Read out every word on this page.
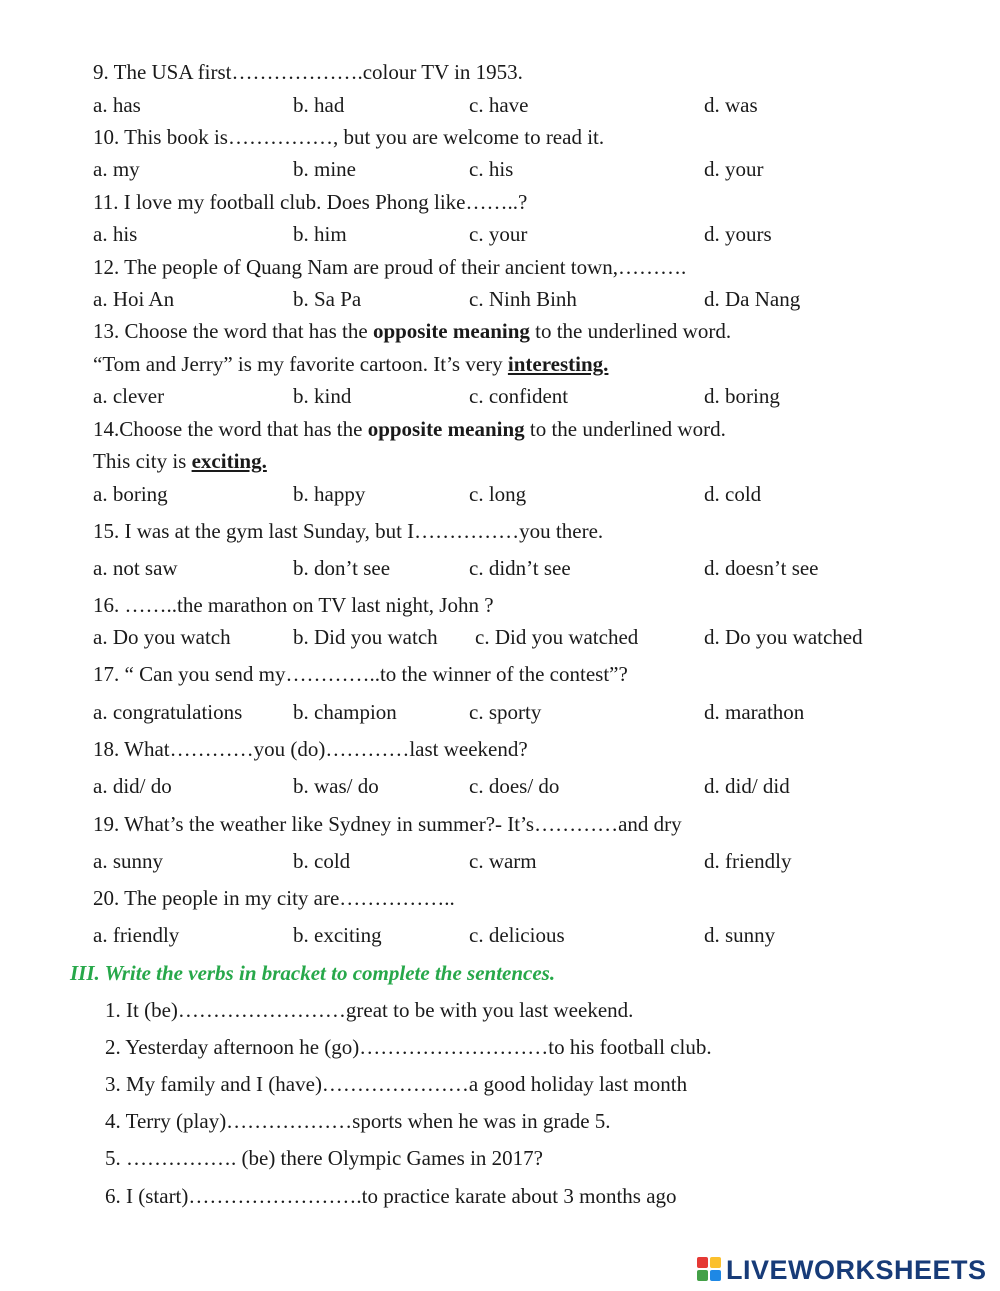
9. The USA first……………….colour TV in 1953.
a. has	b. had	c. have	d. was
10. This book is……………, but you are welcome to read it.
a. my	b. mine	c. his	d. your
11. I love my football club. Does Phong like……..?
a. his	b. him	c. your	d. yours
12. The people of Quang Nam are proud of their ancient town,……….
a. Hoi An	b. Sa Pa	c. Ninh Binh	d. Da Nang
13. Choose the word that has the opposite meaning to the underlined word.
“Tom and Jerry” is my favorite cartoon. It’s very interesting.
a. clever	b. kind	c. confident	d. boring
14.Choose the word that has the opposite meaning to the underlined word.
This city is exciting.
a. boring	b. happy	c. long	d. cold
15. I was at the gym last Sunday, but I……………you there.
a. not saw	b. don’t see	c. didn’t see	d. doesn’t see
16. ……..the marathon on TV last night, John ?
a. Do you watch	b. Did you watch c. Did you watched	d. Do you watched
17. “ Can you send my…………..to the winner of the contest”?
a. congratulations b. champion	c. sporty	d. marathon
18. What…………you (do)…………last weekend?
a. did/ do	b. was/ do	c. does/ do	d. did/ did
19. What’s the weather like Sydney in summer?- It’s…………and dry
a. sunny	b. cold	c. warm	d. friendly
20. The people in my city are……………..
a. friendly	b. exciting	c. delicious	d. sunny
III. Write the verbs in bracket to complete the sentences.
1. It (be)……………………great to be with you last weekend.
2. Yesterday afternoon he (go)………………………to his football club.
3. My family and I (have)…………………a good holiday last month
4. Terry (play)………………sports when he was in grade 5.
5. ……………. (be) there Olympic Games in 2017?
6. I (start)…………………….to practice karate about 3 months ago
LIVEWORKSHEETS
